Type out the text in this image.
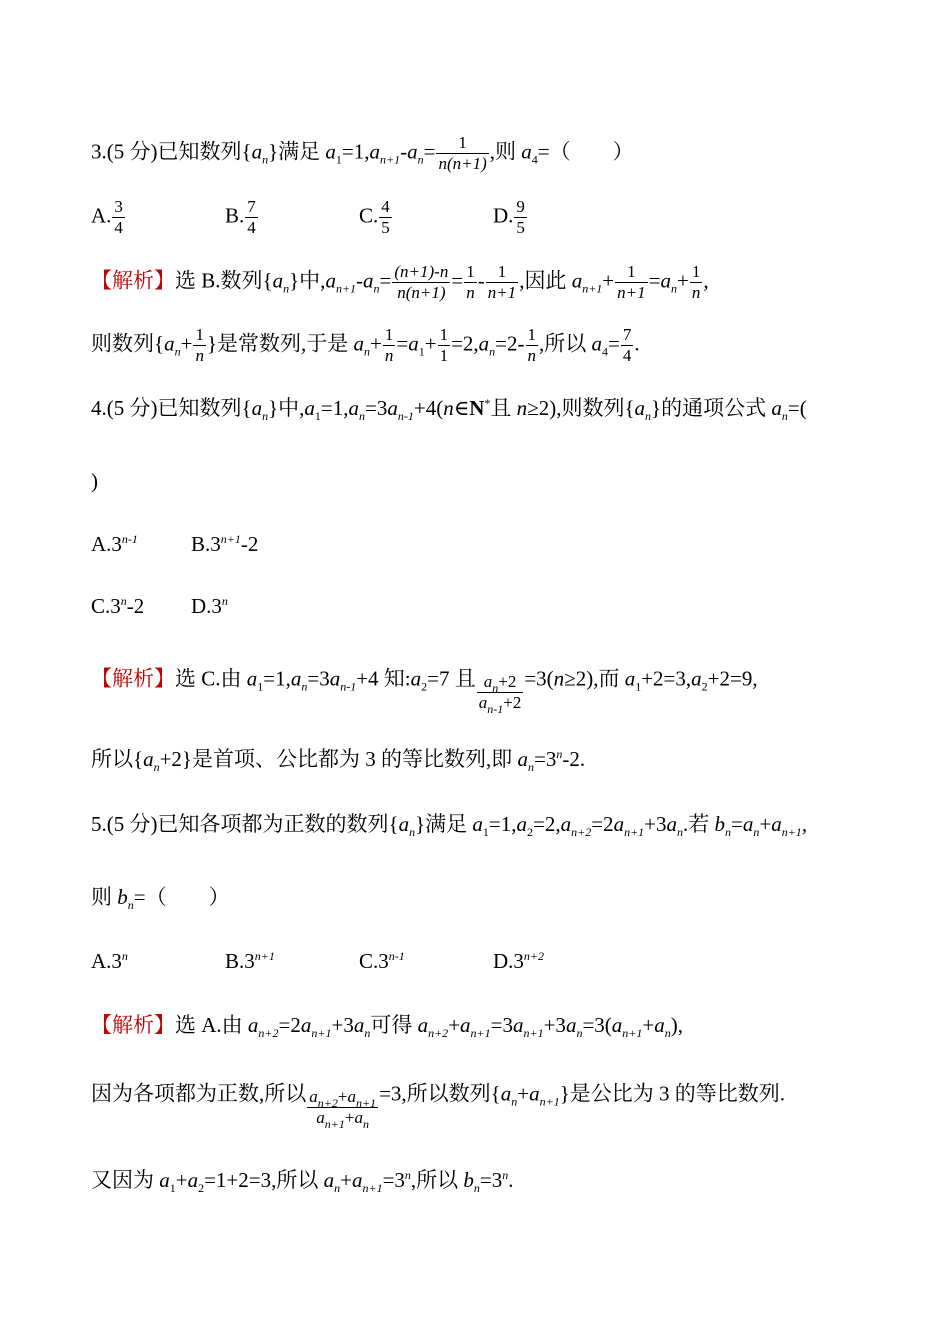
3.(5 分)已知数列$\{a_n\}$满足 $a_1=1,a_{n+1}-a_n= \frac{1}{n(n+1)}$ ,则 $a_4=$（　　）
A. $\frac{3}{4}$	B. $\frac{7}{4}$	C. $\frac{4}{5}$	D. $\frac{9}{5}$
【解析】选 B.数列$\{a_n\}$中$,a_{n+1}-a_n= \frac{(n+1)-n}{n(n+1)} = \frac{1}{n} - \frac{1}{n+1}$ ,因此 $a_{n+1}+ \frac{1}{n+1} =a_n+ \frac{1}{n}$ ,
则数列{$a_n+ \frac{1}{n}$ }是常数列,于是 $a_n+ \frac{1}{n} =a_1+ \frac{1}{1} =2,a_n=2- \frac{1}{n}$ ,所以 $a_4= \frac{7}{4}$ .
4.(5 分)已知数列$\{a_n\}$中$,a_1=1,a_n=3a_{n-1}+4(n\in N^*$且 n≥2),则数列$\{a_n\}$的通项公式 $a_n=$(
)
A.3$^{n-1}$	$B.3^{n+1}-2$
C.3$^n$-2 D.3$^n$
【解析】选 C.由 $a_1=1,a_n=3a_{n-1}+4$ 知$:a_2=7$ 且 $\frac{a_n+2}{a_{n-1}+2} =3(n\ge 2)$,而 $a_1+2=3,a_2+2=9$,
所以$\{a_n+2\}$是首项、公比都为 3 的等比数列,即 $a_n=3^n-2$.
5.(5 分)已知各项都为正数的数列$\{a_n\}$满足 $a_1=1,a_2=2,a_{n+2}=2a_{n+1}+3a_n$.若 $b_n=a_n+a_{n+1}$,
则 $b_n=$（　　）
A.3$^n$	$B.3^{n+1}$	C.3$^{n-1}$	$D.3^{n+2}$
【解析】选 A.由 $a_{n+2}=2a_{n+1}+3a_n$可得 $a_{n+2}+a_{n+1}=3a_{n+1}+3a_n=3(a_{n+1}+a_n)$,
因为各项都为正数,所以 $\frac{a_{n+2}+a_{n+1}}{a_{n+1}+a_n} =3$,所以数列$\{a_n+a_{n+1}\}$是公比为 3 的等比数列.
又因为 $a_1+a_2=1+2=3$,所以 $a_n+a_{n+1}=3^n$,所以 $b_n=3^n$.
